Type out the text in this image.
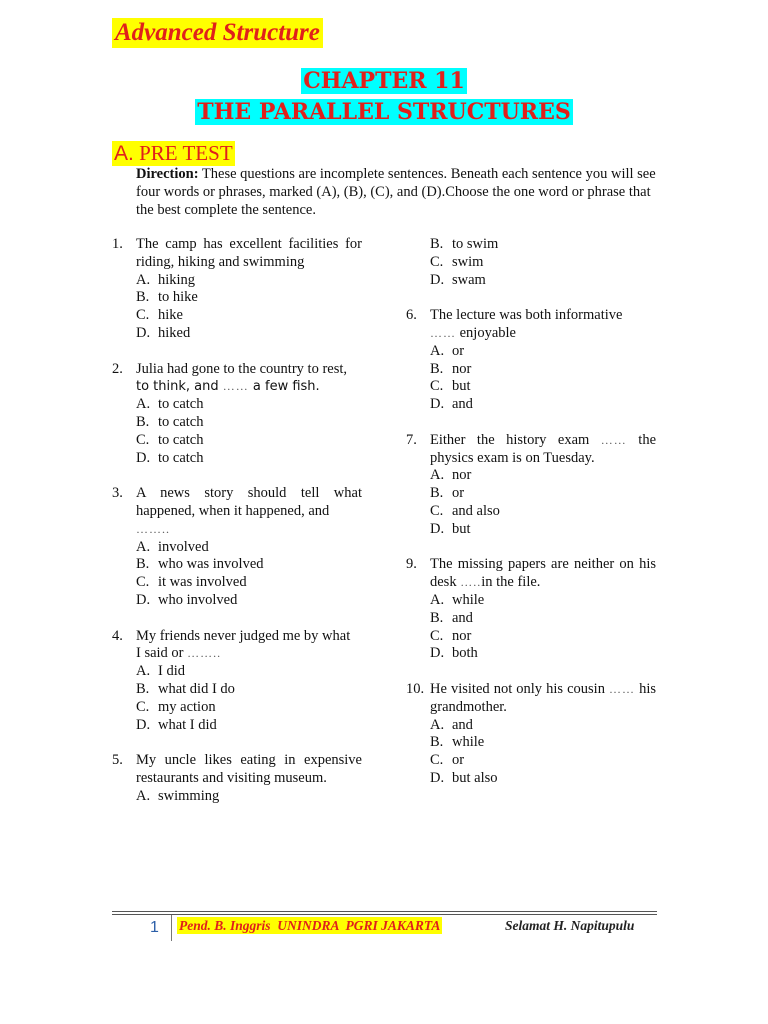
Advanced Structure
CHAPTER 11
THE PARALLEL STRUCTURES
A. PRE TEST
Direction: These questions are incomplete sentences. Beneath each sentence you will see four words or phrases, marked (A), (B), (C), and (D).Choose the one word or phrase that the best complete the sentence.
1. The camp has excellent facilities for riding, hiking and swimming
A. hiking
B. to hike
C. hike
D. hiked
2. Julia had gone to the country to rest,
to think, and …… a few fish.
A. to catch
B. to catch
C. to catch
D. to catch
3. A news story should tell what happened, when it happened, and
……..
A. involved
B. who was involved
C. it was involved
D. who involved
4. My friends never judged me by what
I said or ……..
A. I did
B. what did I do
C. my action
D. what I did
5. My uncle likes eating in expensive restaurants and visiting museum.
A. swimming
B. to swim
C. swim
D. swam
6. The lecture was both informative
…… enjoyable
A. or
B. nor
C. but
D. and
7. Either the history exam …… the physics exam is on Tuesday.
A. nor
B. or
C. and also
D. but
9. The missing papers are neither on his desk …..in the file.
A. while
B. and
C. nor
D. both
10. He visited not only his cousin …… his grandmother.
A. and
B. while
C. or
D. but also
1 Pend. B. Inggris  UNINDRA  PGRI JAKARTA	Selamat H. Napitupulu
